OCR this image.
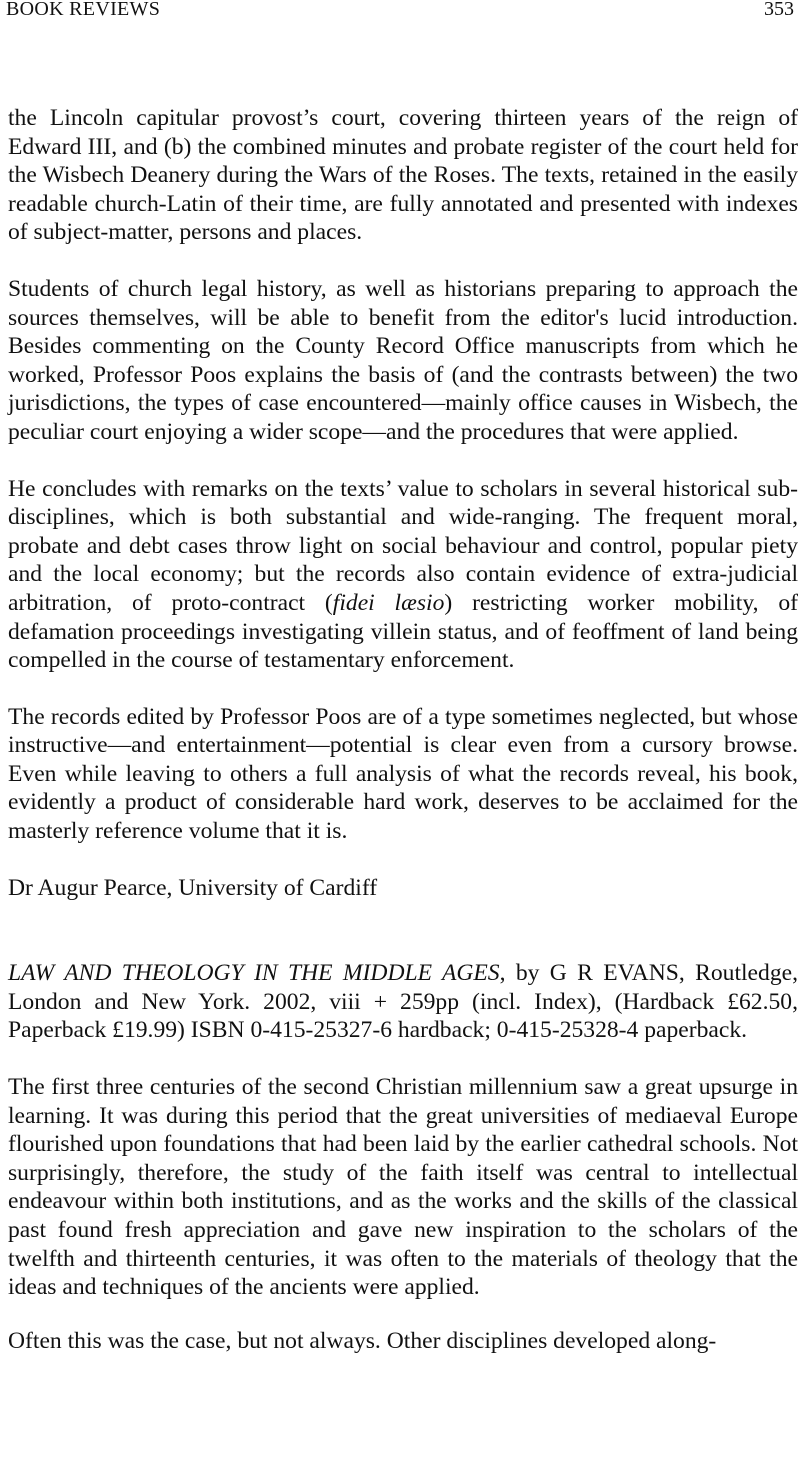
BOOK REVIEWS	353

the Lincoln capitular provost’s court, covering thirteen years of the reign of Edward III, and (b) the combined minutes and probate register of the court held for the Wisbech Deanery during the Wars of the Roses. The texts, retained in the easily readable church-Latin of their time, are fully annotated and presented with indexes of subject-matter, persons and places.

Students of church legal history, as well as historians preparing to approach the sources themselves, will be able to benefit from the editor's lucid introduction. Besides commenting on the County Record Office manuscripts from which he worked, Professor Poos explains the basis of (and the contrasts between) the two jurisdictions, the types of case encountered—mainly office causes in Wisbech, the peculiar court enjoying a wider scope—and the procedures that were applied.

He concludes with remarks on the texts’ value to scholars in several historical sub-disciplines, which is both substantial and wide-ranging. The frequent moral, probate and debt cases throw light on social behaviour and control, popular piety and the local economy; but the records also contain evidence of extra-judicial arbitration, of proto-contract (fidei læsio) restricting worker mobility, of defamation proceedings investigating villein status, and of feoffment of land being compelled in the course of testamentary enforcement.

The records edited by Professor Poos are of a type sometimes neglected, but whose instructive—and entertainment—potential is clear even from a cursory browse. Even while leaving to others a full analysis of what the records reveal, his book, evidently a product of considerable hard work, deserves to be acclaimed for the masterly reference volume that it is.

Dr Augur Pearce, University of Cardiff

LAW AND THEOLOGY IN THE MIDDLE AGES, by G R EVANS, Routledge, London and New York. 2002, viii + 259pp (incl. Index), (Hardback £62.50, Paperback £19.99) ISBN 0-415-25327-6 hardback; 0-415-25328-4 paperback.

The first three centuries of the second Christian millennium saw a great upsurge in learning. It was during this period that the great universities of mediaeval Europe flourished upon foundations that had been laid by the earlier cathedral schools. Not surprisingly, therefore, the study of the faith itself was central to intellectual endeavour within both institutions, and as the works and the skills of the classical past found fresh appreciation and gave new inspiration to the scholars of the twelfth and thirteenth centuries, it was often to the materials of theology that the ideas and techniques of the ancients were applied.

Often this was the case, but not always. Other disciplines developed along-
